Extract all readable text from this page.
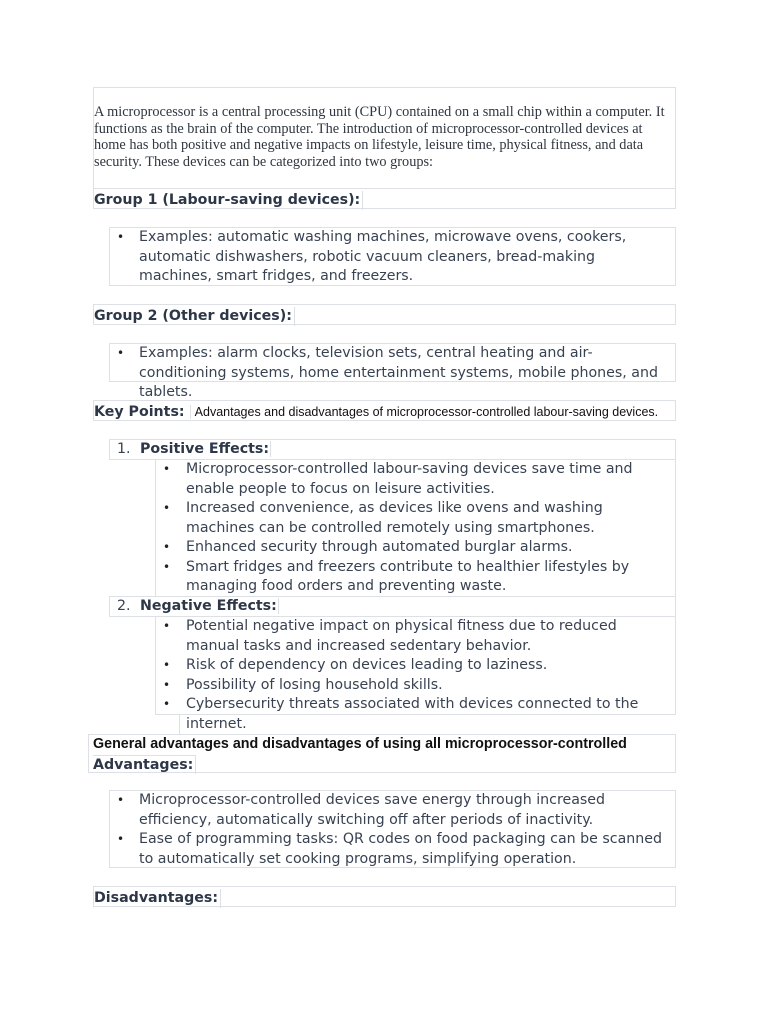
A microprocessor is a central processing unit (CPU) contained on a small chip within a computer. It functions as the brain of the computer. The introduction of microprocessor-controlled devices at home has both positive and negative impacts on lifestyle, leisure time, physical fitness, and data security. These devices can be categorized into two groups:

Group 1 (Labour-saving devices):
• Examples: automatic washing machines, microwave ovens, cookers, automatic dishwashers, robotic vacuum cleaners, bread-making machines, smart fridges, and freezers.
Group 2 (Other devices):
• Examples: alarm clocks, television sets, central heating and air-conditioning systems, home entertainment systems, mobile phones, and tablets.
Key Points: Advantages and disadvantages of microprocessor-controlled labour-saving devices.
1. Positive Effects:
• Microprocessor-controlled labour-saving devices save time and enable people to focus on leisure activities.
• Increased convenience, as devices like ovens and washing machines can be controlled remotely using smartphones.
• Enhanced security through automated burglar alarms.
• Smart fridges and freezers contribute to healthier lifestyles by managing food orders and preventing waste.
2. Negative Effects:
• Potential negative impact on physical fitness due to reduced manual tasks and increased sedentary behavior.
• Risk of dependency on devices leading to laziness.
• Possibility of losing household skills.
• Cybersecurity threats associated with devices connected to the internet.
General advantages and disadvantages of using all microprocessor-controlled
Advantages:
• Microprocessor-controlled devices save energy through increased efficiency, automatically switching off after periods of inactivity.
• Ease of programming tasks: QR codes on food packaging can be scanned to automatically set cooking programs, simplifying operation.
Disadvantages:
